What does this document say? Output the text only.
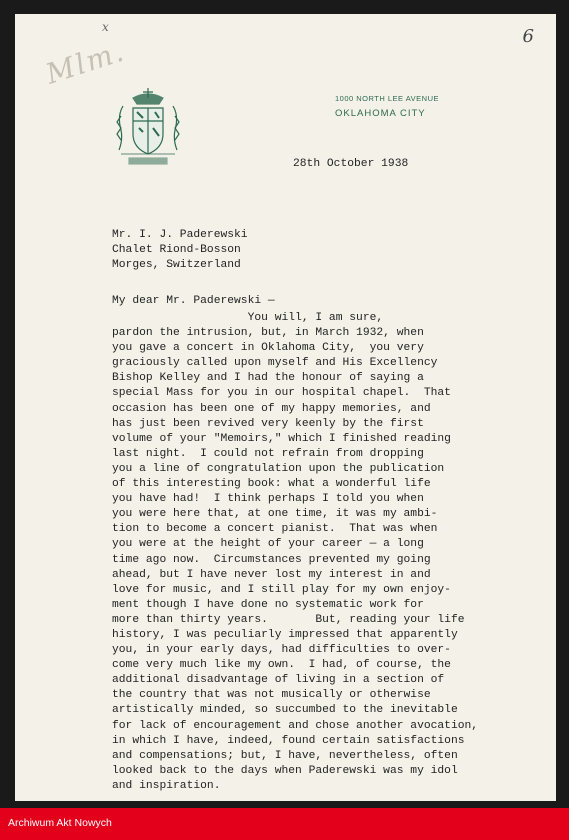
x	6
Mlm.
1000 NORTH LEE AVENUE
OKLAHOMA CITY
28th October 1938
Mr. I. J. Paderewski
Chalet Riond-Bosson
Morges, Switzerland
My dear Mr. Paderewski —
You will, I am sure,
pardon the intrusion, but, in March 1932, when
you gave a concert in Oklahoma City,  you very
graciously called upon myself and His Excellency
Bishop Kelley and I had the honour of saying a
special Mass for you in our hospital chapel.  That
occasion has been one of my happy memories, and
has just been revived very keenly by the first
volume of your "Memoirs," which I finished reading
last night.  I could not refrain from dropping
you a line of congratulation upon the publication
of this interesting book: what a wonderful life
you have had!  I think perhaps I told you when
you were here that, at one time, it was my ambi-
tion to become a concert pianist.  That was when
you were at the height of your career — a long
time ago now.  Circumstances prevented my going
ahead, but I have never lost my interest in and
love for music, and I still play for my own enjoy-
ment though I have done no systematic work for
more than thirty years.       But, reading your life
history, I was peculiarly impressed that apparently
you, in your early days, had difficulties to over-
come very much like my own.  I had, of course, the
additional disadvantage of living in a section of
the country that was not musically or otherwise
artistically minded, so succumbed to the inevitable
for lack of encouragement and chose another avocation,
in which I have, indeed, found certain satisfactions
and compensations; but, I have, nevertheless, often
looked back to the days when Paderewski was my idol
and inspiration.
Archiwum Akt Nowych
